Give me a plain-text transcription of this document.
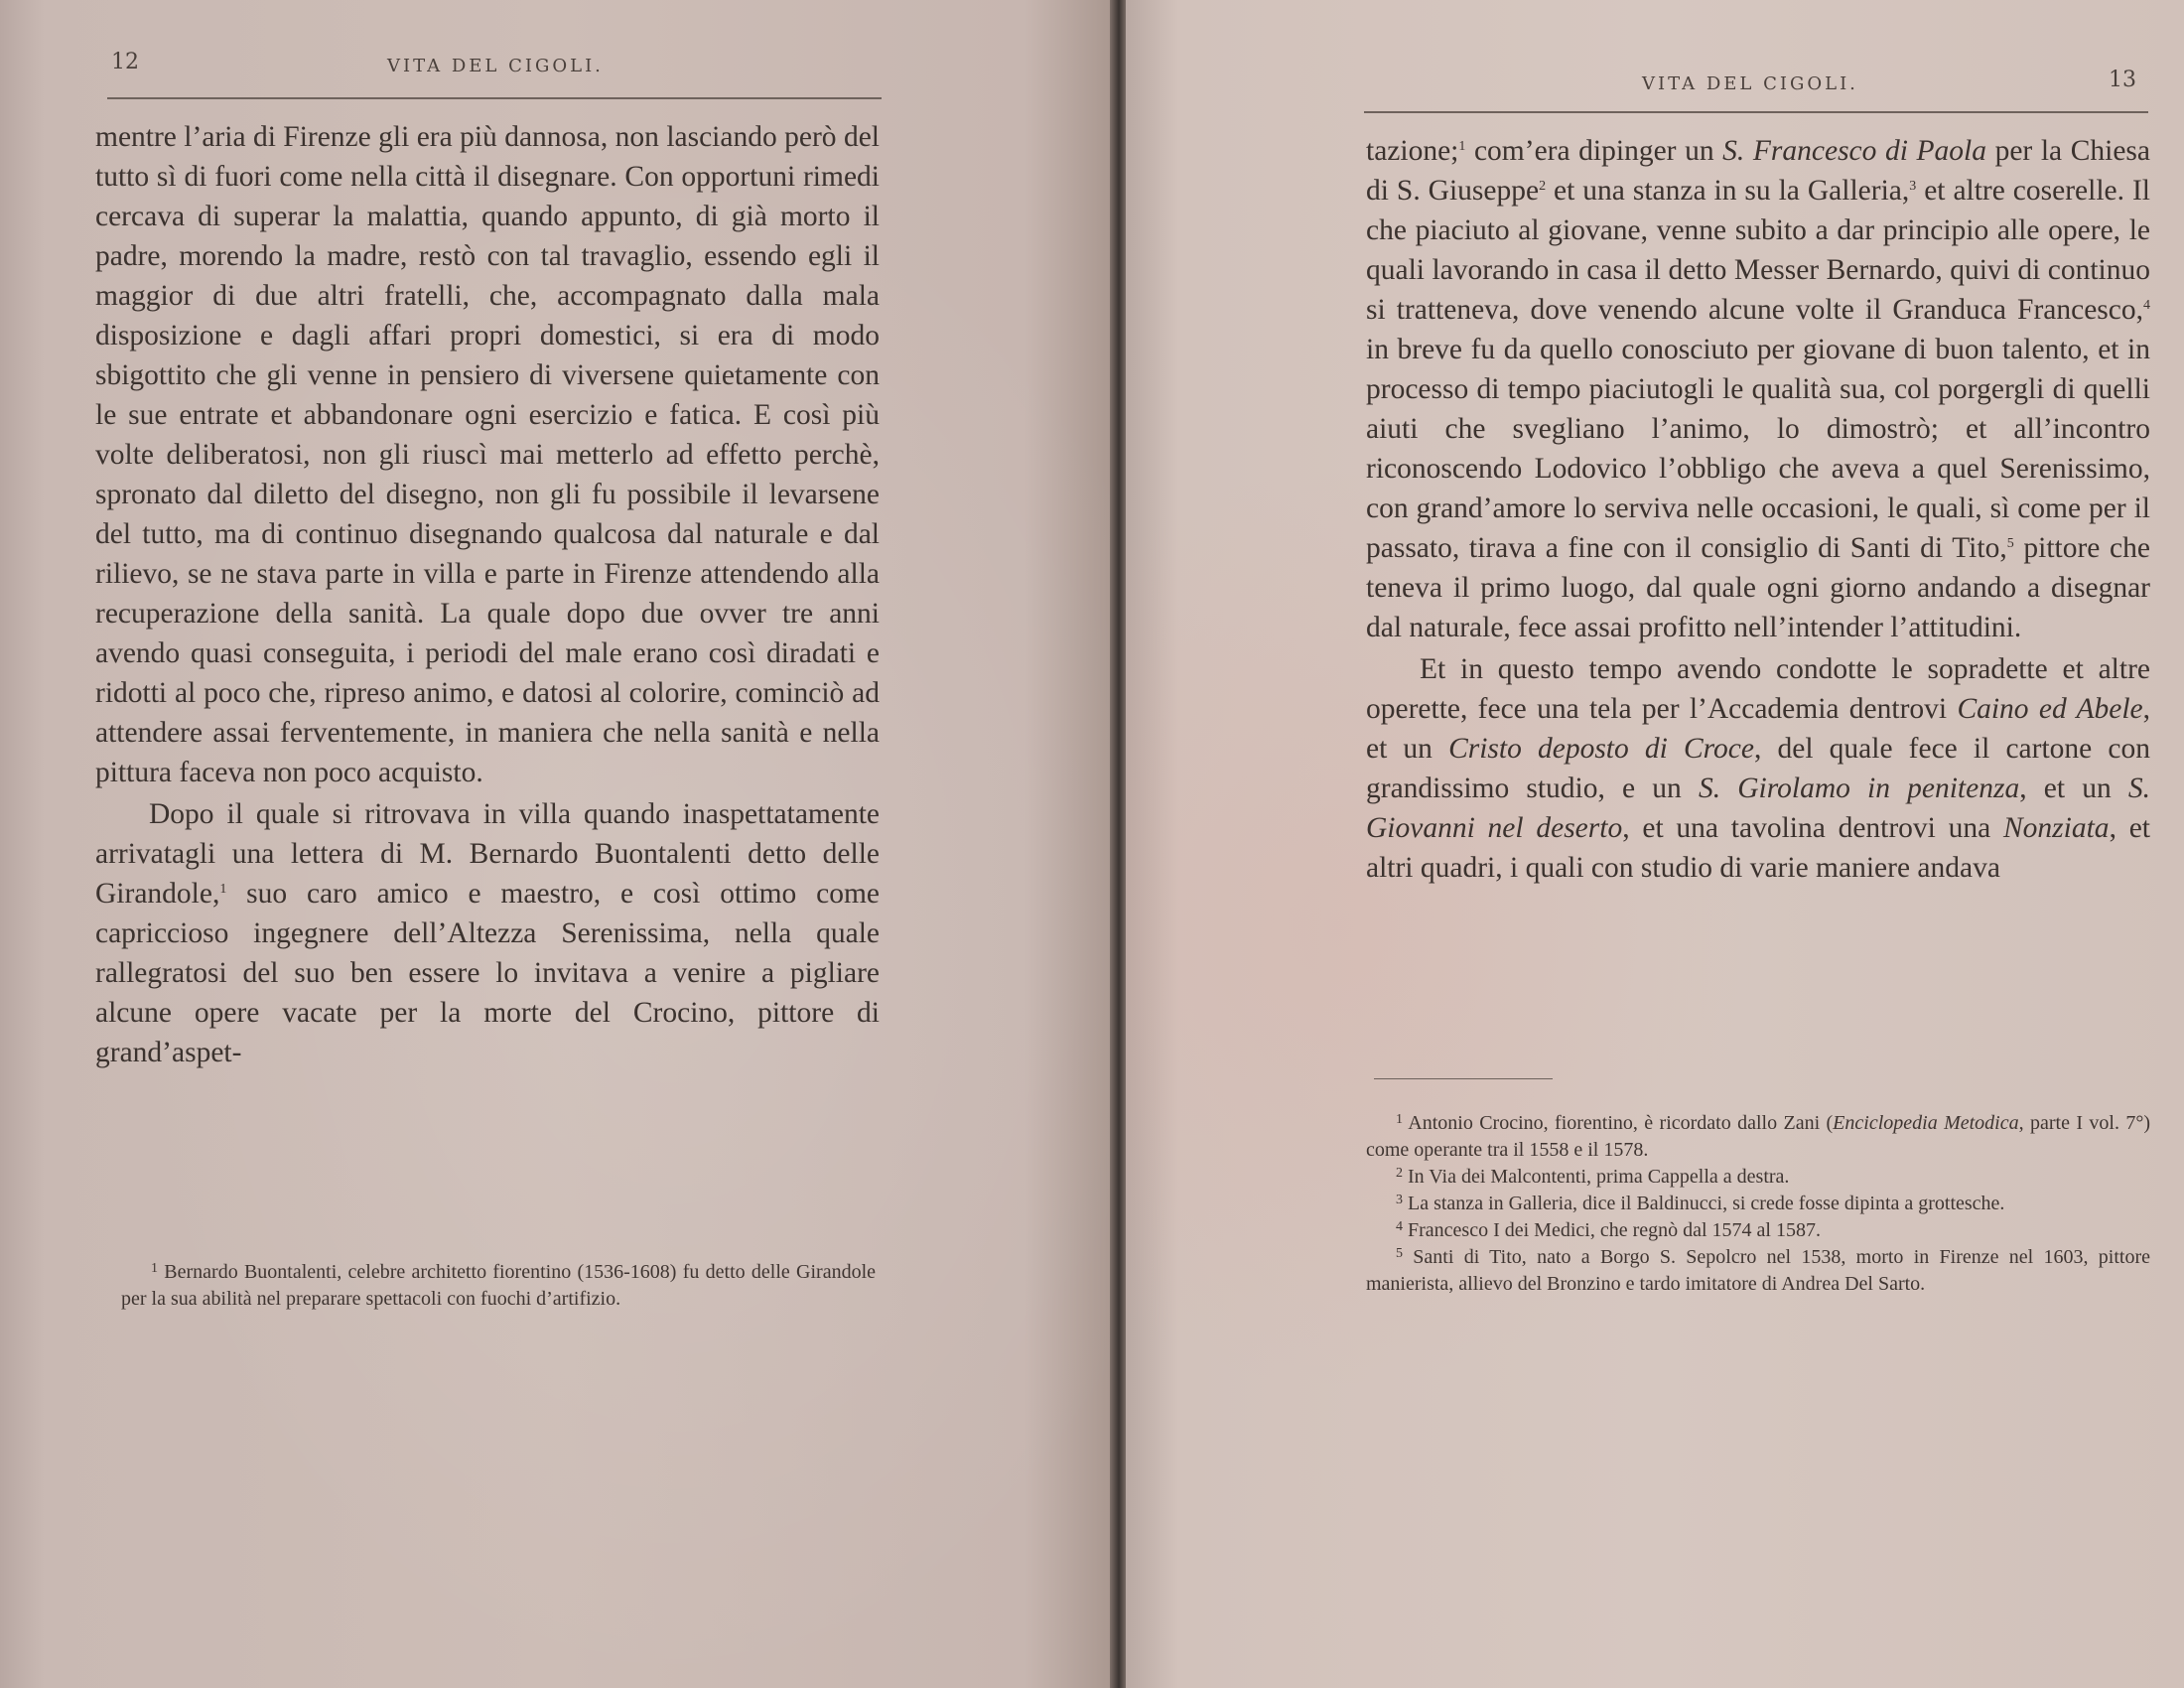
12	VITA DEL CIGOLI.

mentre l’aria di Firenze gli era più dannosa, non lasciando però del tutto sì di fuori come nella città il disegnare. Con opportuni rimedi cercava di superar la malattia, quando appunto, di già morto il padre, morendo la madre, restò con tal travaglio, essendo egli il maggior di due altri fratelli, che, accompagnato dalla mala disposizione e dagli affari propri domestici, si era di modo sbigottito che gli venne in pensiero di viversene quietamente con le sue entrate et abbandonare ogni esercizio e fatica. E così più volte deliberatosi, non gli riuscì mai metterlo ad effetto perchè, spronato dal diletto del disegno, non gli fu possibile il levarsene del tutto, ma di continuo disegnando qualcosa dal naturale e dal rilievo, se ne stava parte in villa e parte in Firenze attendendo alla recuperazione della sanità. La quale dopo due ovver tre anni avendo quasi conseguita, i periodi del male erano così diradati e ridotti al poco che, ripreso animo, e datosi al colorire, cominciò ad attendere assai ferventemente, in maniera che nella sanità e nella pittura faceva non poco acquisto.

Dopo il quale si ritrovava in villa quando inaspettatamente arrivatagli una lettera di M. Bernardo Buontalenti detto delle Girandole,$^1$ suo caro amico e maestro, e così ottimo come capriccioso ingegnere dell’Altezza Serenissima, nella quale rallegratosi del suo ben essere lo invitava a venire a pigliare alcune opere vacate per la morte del Crocino, pittore di grand’aspet-

$^1$ Bernardo Buontalenti, celebre architetto fiorentino (1536-1608) fu detto delle Girandole per la sua abilità nel preparare spettacoli con fuochi d’artifizio.

VITA DEL CIGOLI.	13

tazione;$^1$ com’era dipinger un S. Francesco di Paola per la Chiesa di S. Giuseppe$^2$ et una stanza in su la Galleria,$^3$ et altre coserelle. Il che piaciuto al giovane, venne subito a dar principio alle opere, le quali lavorando in casa il detto Messer Bernardo, quivi di continuo si tratteneva, dove venendo alcune volte il Granduca Francesco,$^4$ in breve fu da quello conosciuto per giovane di buon talento, et in processo di tempo piaciutogli le qualità sua, col porgergli di quelli aiuti che svegliano l’animo, lo dimostrò; et all’incontro riconoscendo Lodovico l’obbligo che aveva a quel Serenissimo, con grand’amore lo serviva nelle occasioni, le quali, sì come per il passato, tirava a fine con il consiglio di Santi di Tito,$^5$ pittore che teneva il primo luogo, dal quale ogni giorno andando a disegnar dal naturale, fece assai profitto nell’intender l’attitudini.

Et in questo tempo avendo condotte le sopradette et altre operette, fece una tela per l’Accademia dentrovi Caino ed Abele, et un Cristo deposto di Croce, del quale fece il cartone con grandissimo studio, e un S. Girolamo in penitenza, et un S. Giovanni nel deserto, et una tavolina dentrovi una Nonziata, et altri quadri, i quali con studio di varie maniere andava

$^1$ Antonio Crocino, fiorentino, è ricordato dallo Zani (Enciclopedia Metodica, parte I vol. 7°) come operante tra il 1558 e il 1578.

$^2$ In Via dei Malcontenti, prima Cappella a destra.

$^3$ La stanza in Galleria, dice il Baldinucci, si crede fosse dipinta a grottesche.

$^4$ Francesco I dei Medici, che regnò dal 1574 al 1587.

$^5$ Santi di Tito, nato a Borgo S. Sepolcro nel 1538, morto in Firenze nel 1603, pittore manierista, allievo del Bronzino e tardo imitatore di Andrea Del Sarto.
